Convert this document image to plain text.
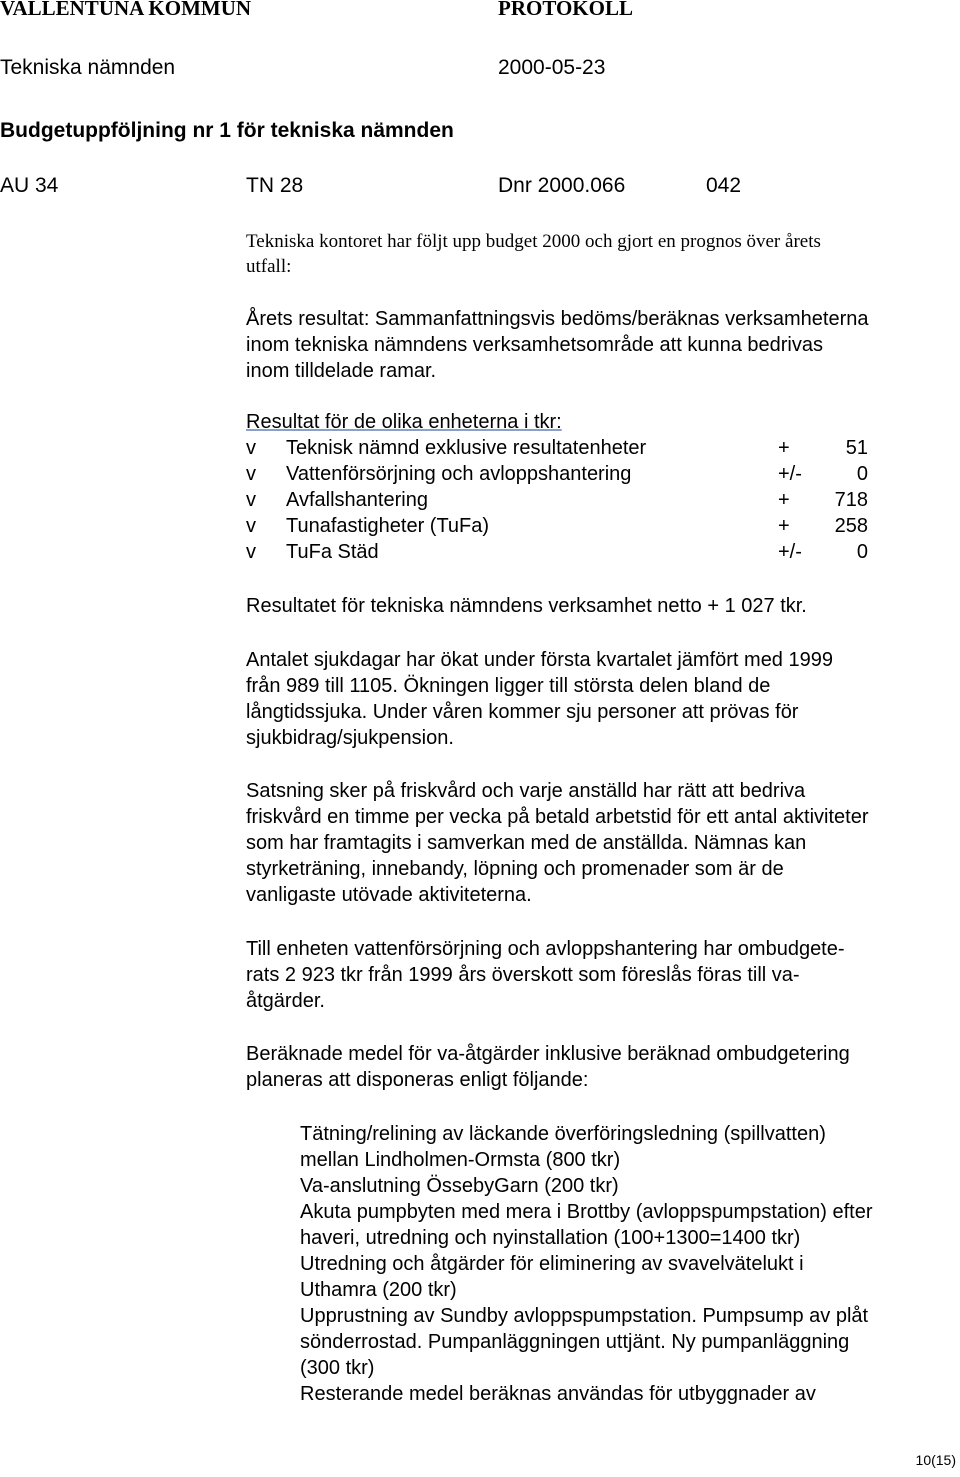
VALLENTUNA KOMMUN	PROTOKOLL
Tekniska nämnden	2000-05-23
Budgetuppföljning nr 1 för tekniska nämnden
AU 34	TN 28	Dnr 2000.066	042
Tekniska kontoret har följt upp budget 2000 och gjort en prognos över årets
utfall:
Årets resultat: Sammanfattningsvis bedöms/beräknas verksamheterna
inom tekniska nämndens verksamhetsområde att kunna bedrivas
inom tilldelade ramar.
Resultat för de olika enheterna i tkr:
v Teknisk nämnd exklusive resultatenheter	+	51
v Vattenförsörjning och avloppshantering	+/-	0
v Avfallshantering	+ 718
v Tunafastigheter (TuFa)	+ 258
v TuFa Städ	+/-	0
Resultatet för tekniska nämndens verksamhet netto + 1 027 tkr.
Antalet sjukdagar har ökat under första kvartalet jämfört med 1999
från 989 till 1105. Ökningen ligger till största delen bland de
långtidssjuka. Under våren kommer sju personer att prövas för
sjukbidrag/sjukpension.
Satsning sker på friskvård och varje anställd har rätt att bedriva
friskvård en timme per vecka på betald arbetstid för ett antal aktiviteter
som har framtagits i samverkan med de anställda. Nämnas kan
styrketräning, innebandy, löpning och promenader som är de
vanligaste utövade aktiviteterna.
Till enheten vattenförsörjning och avloppshantering har ombudgete-
rats 2 923 tkr från 1999 års överskott som föreslås föras till va-
åtgärder.
Beräknade medel för va-åtgärder inklusive beräknad ombudgetering
planeras att disponeras enligt följande:
Tätning/relining av läckande överföringsledning (spillvatten)
mellan Lindholmen-Ormsta (800 tkr)
Va-anslutning ÖssebyGarn (200 tkr)
Akuta pumpbyten med mera i Brottby (avloppspumpstation) efter
haveri, utredning och nyinstallation (100+1300=1400 tkr)
Utredning och åtgärder för eliminering av svavelvätelukt i
Uthamra (200 tkr)
Upprustning av Sundby avloppspumpstation. Pumpsump av plåt
sönderrostad. Pumpanläggningen uttjänt. Ny pumpanläggning
(300 tkr)
Resterande medel beräknas användas för utbyggnader av
10(15)
